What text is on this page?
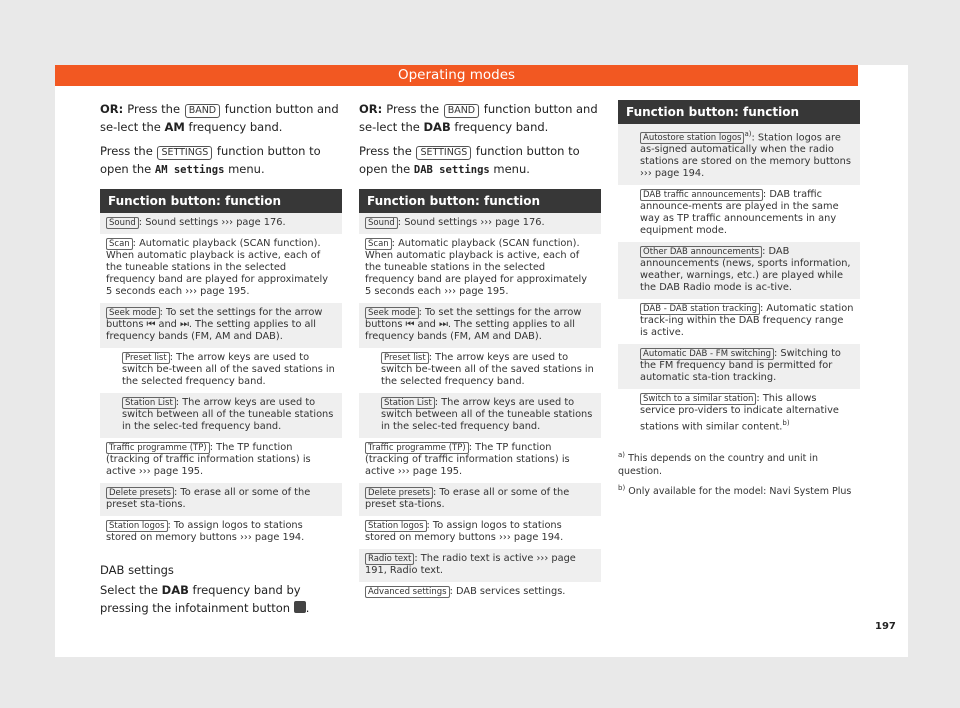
Operating modes

OR: Press the BAND function button and se-lect the AM frequency band.

Press the SETTINGS function button to open the AM settings menu.

Function button: function
Sound : Sound settings ››› page 176.
Scan : Automatic playback (SCAN function). When automatic playback is active, each of the tuneable stations in the selected frequency band are played for approximately 5 seconds each ››› page 195.
Seek mode : To set the settings for the arrow buttons ⏮ and ⏭. The setting applies to all frequency bands (FM, AM and DAB).
Preset list : The arrow keys are used to switch be-tween all of the saved stations in the selected frequency band.
Station List : The arrow keys are used to switch between all of the tuneable stations in the selec-ted frequency band.
Traffic programme (TP) : The TP function (tracking of traffic information stations) is active ››› page 195.
Delete presets : To erase all or some of the preset sta-tions.
Station logos : To assign logos to stations stored on memory buttons ››› page 194.
DAB settings

Select the DAB frequency band by pressing the infotainment button .

OR: Press the BAND function button and se-lect the DAB frequency band.

Press the SETTINGS function button to open the DAB settings menu.

Function button: function
Sound : Sound settings ››› page 176.
Scan : Automatic playback (SCAN function). When automatic playback is active, each of the tuneable stations in the selected frequency band are played for approximately 5 seconds each ››› page 195.
Seek mode : To set the settings for the arrow buttons ⏮ and ⏭. The setting applies to all frequency bands (FM, AM and DAB).
Preset list : The arrow keys are used to switch be-tween all of the saved stations in the selected frequency band.
Station List : The arrow keys are used to switch between all of the tuneable stations in the selec-ted frequency band.
Traffic programme (TP) : The TP function (tracking of traffic information stations) is active ››› page 195.
Delete presets : To erase all or some of the preset sta-tions.
Station logos : To assign logos to stations stored on memory buttons ››› page 194.
Radio text : The radio text is active ››› page 191, Radio text.
Advanced settings : DAB services settings.
Function button: function
Autostore station logos $^{a)}$: Station logos are as-signed automatically when the radio stations are stored on the memory buttons ››› page 194.
DAB traffic announcements : DAB traffic announce-ments are played in the same way as TP traffic announcements in any equipment mode.
Other DAB announcements : DAB announcements (news, sports information, weather, warnings, etc.) are played while the DAB Radio mode is ac-tive.
DAB - DAB station tracking : Automatic station track-ing within the DAB frequency range is active.
Automatic DAB - FM switching : Switching to the FM frequency band is permitted for automatic sta-tion tracking.
Switch to a similar station : This allows service pro-viders to indicate alternative stations with similar content.$^{b)}$

$^{a)}$ This depends on the country and unit in question.

$^{b)}$ Only available for the model: Navi System Plus

197
